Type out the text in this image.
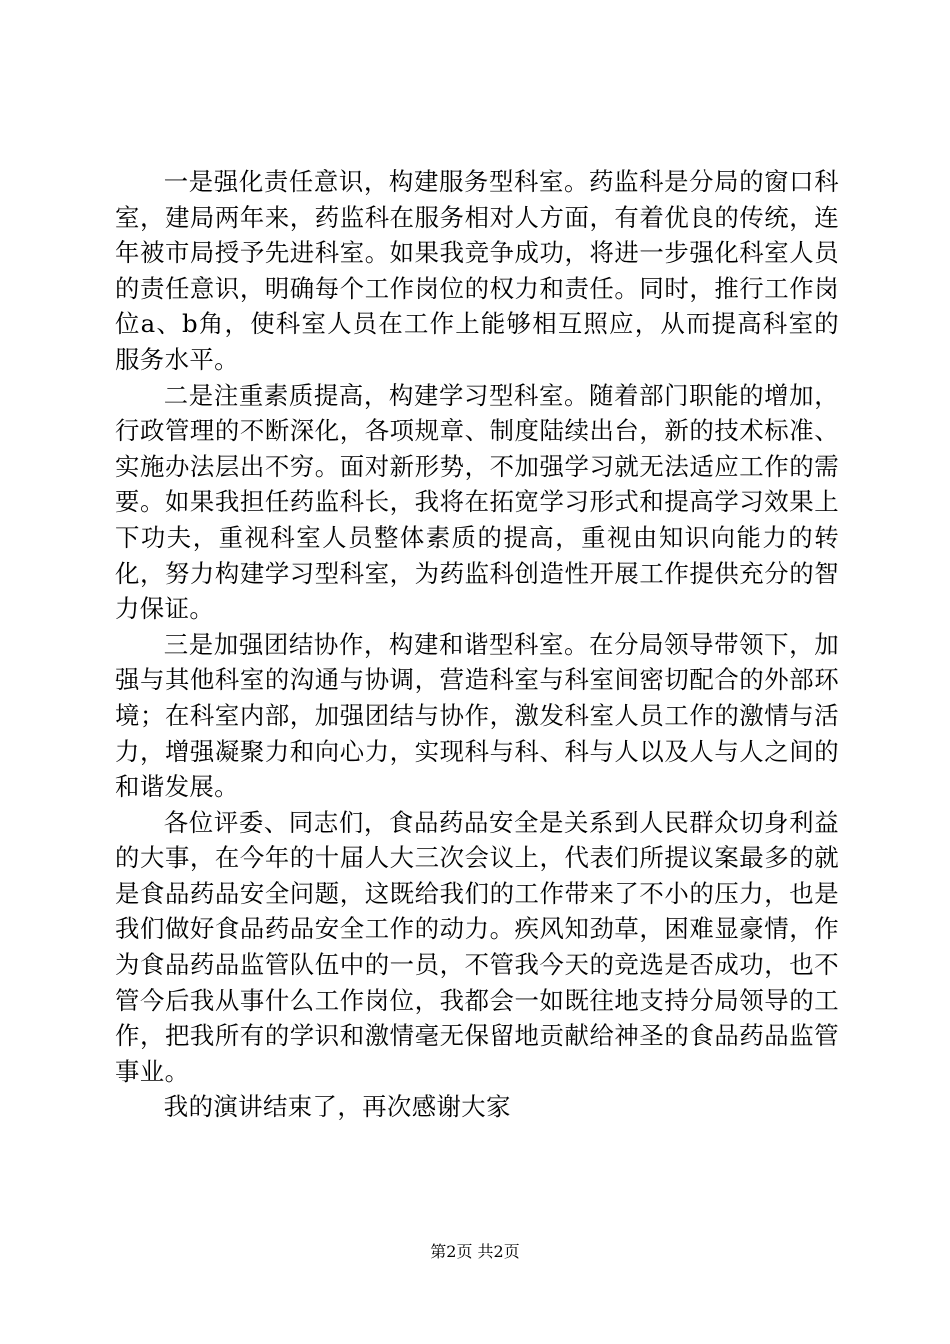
一是强化责任意识，构建服务型科室。药监科是分局的窗口科室，建局两年来，药监科在服务相对人方面，有着优良的传统，连年被市局授予先进科室。如果我竞争成功，将进一步强化科室人员的责任意识，明确每个工作岗位的权力和责任。同时，推行工作岗位a、b角，使科室人员在工作上能够相互照应，从而提高科室的服务水平。

二是注重素质提高，构建学习型科室。随着部门职能的增加，行政管理的不断深化，各项规章、制度陆续出台，新的技术标准、实施办法层出不穷。面对新形势，不加强学习就无法适应工作的需要。如果我担任药监科长，我将在拓宽学习形式和提高学习效果上下功夫，重视科室人员整体素质的提高，重视由知识向能力的转化，努力构建学习型科室，为药监科创造性开展工作提供充分的智力保证。

三是加强团结协作，构建和谐型科室。在分局领导带领下，加强与其他科室的沟通与协调，营造科室与科室间密切配合的外部环境；在科室内部，加强团结与协作，激发科室人员工作的激情与活力，增强凝聚力和向心力，实现科与科、科与人以及人与人之间的和谐发展。

各位评委、同志们，食品药品安全是关系到人民群众切身利益的大事，在今年的十届人大三次会议上，代表们所提议案最多的就是食品药品安全问题，这既给我们的工作带来了不小的压力，也是我们做好食品药品安全工作的动力。疾风知劲草，困难显豪情，作为食品药品监管队伍中的一员，不管我今天的竞选是否成功，也不管今后我从事什么工作岗位，我都会一如既往地支持分局领导的工作，把我所有的学识和激情毫无保留地贡献给神圣的食品药品监管事业。

我的演讲结束了，再次感谢大家

第2页 共2页
